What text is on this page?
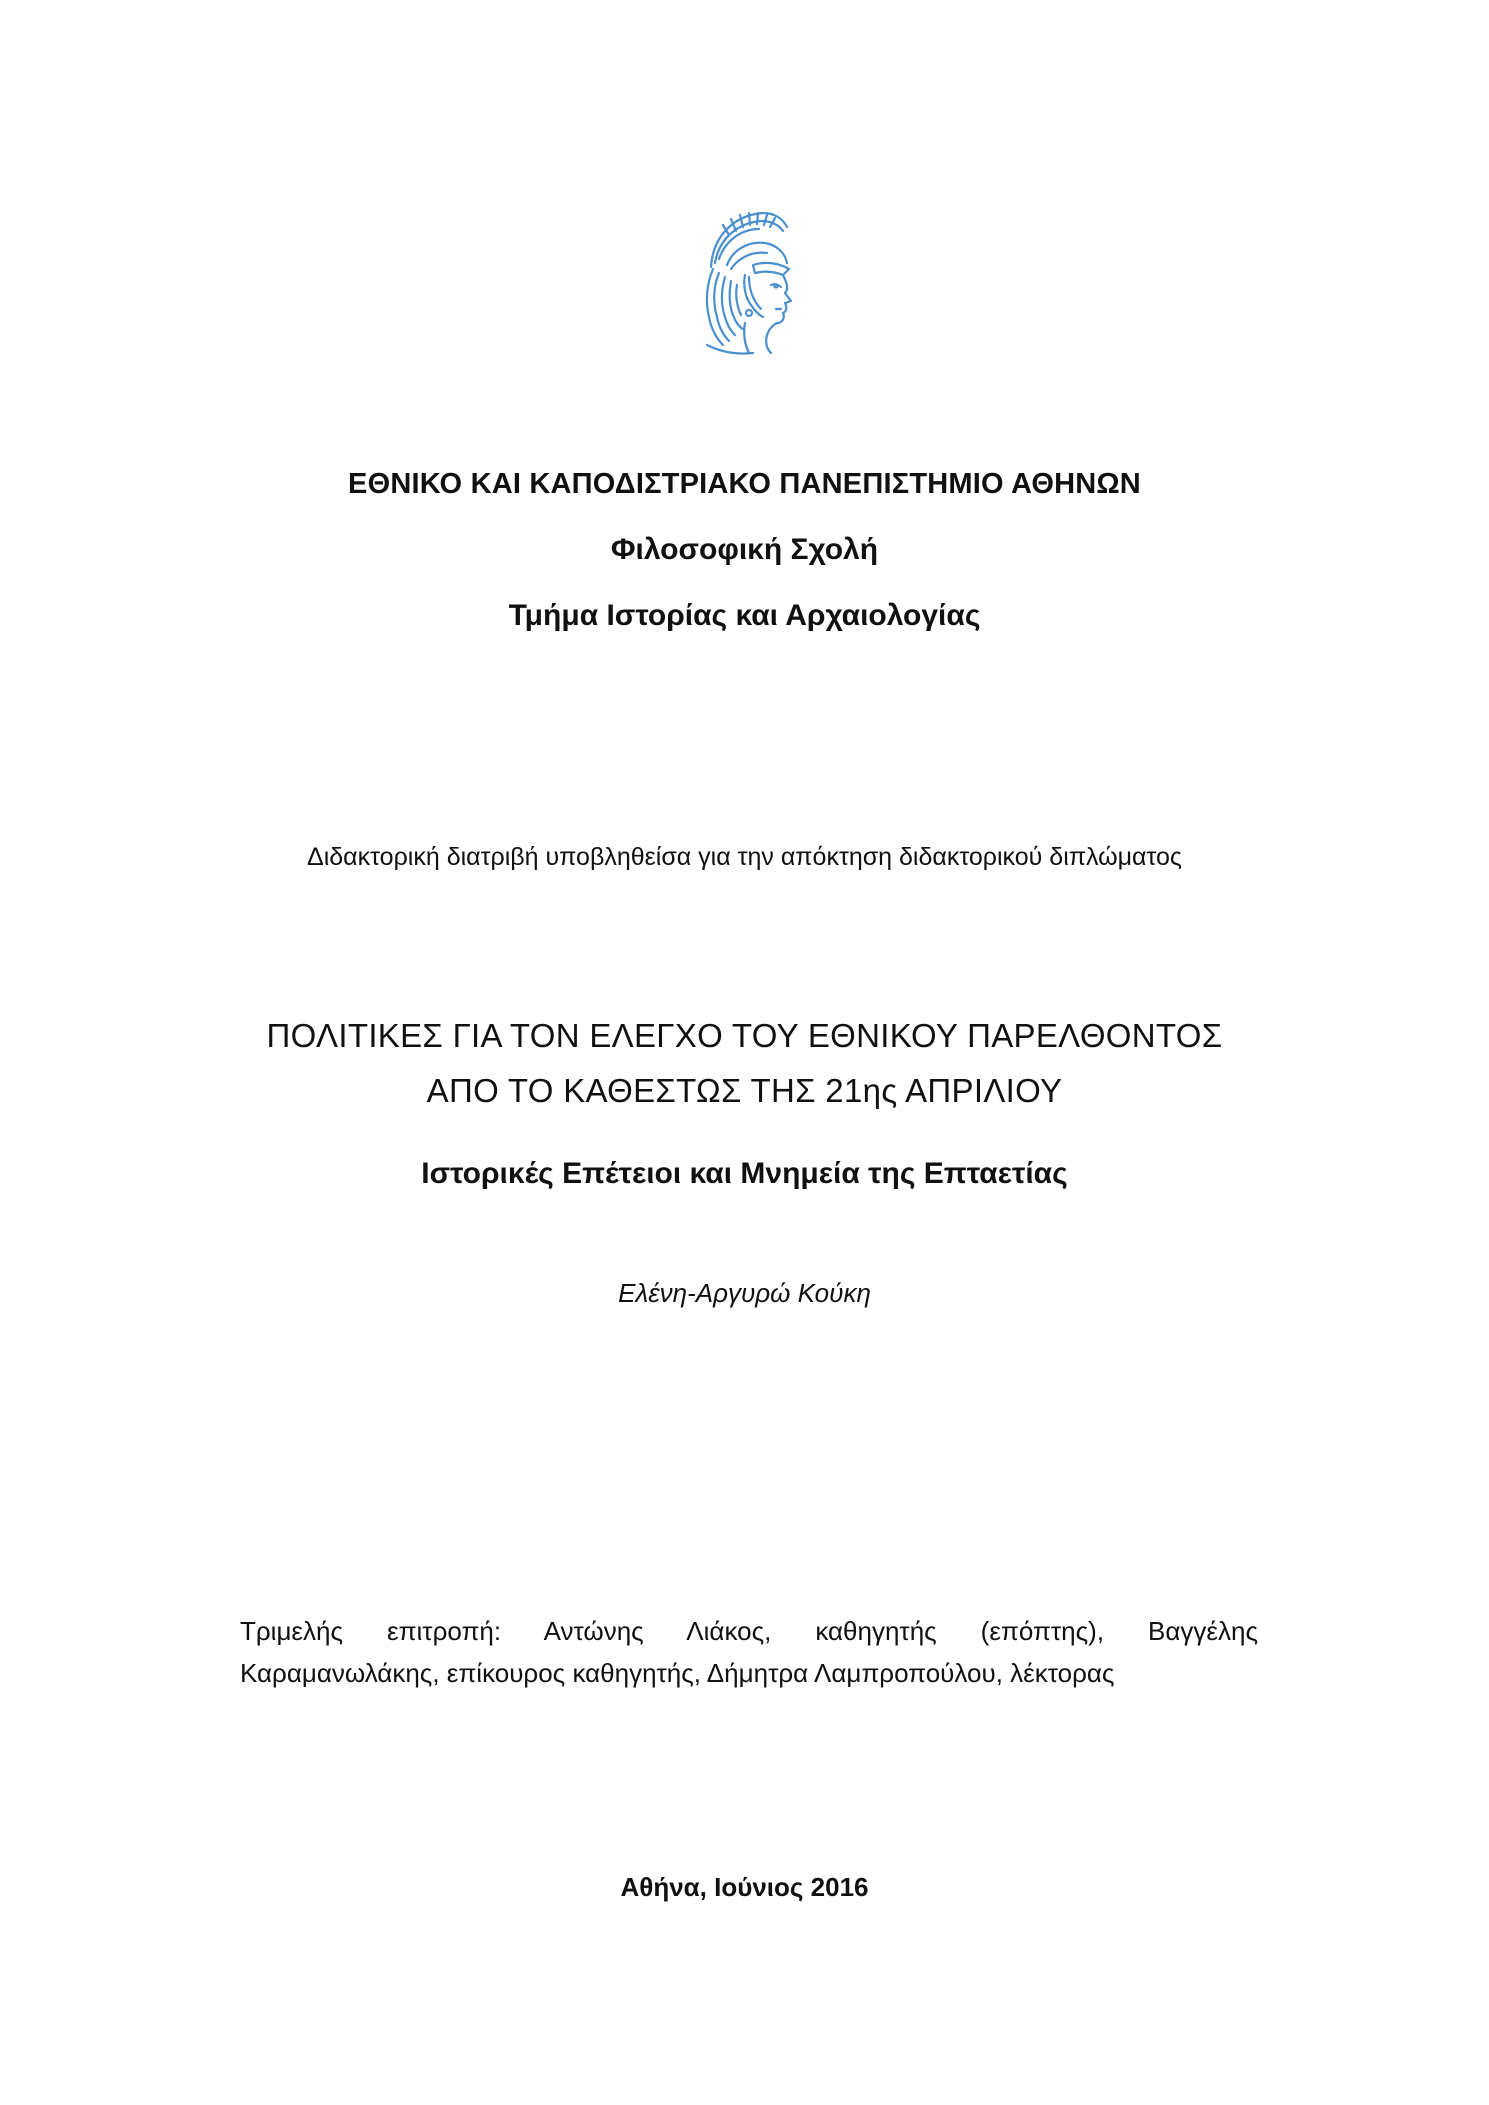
ΕΘΝΙΚΟ ΚΑΙ ΚΑΠΟΔΙΣΤΡΙΑΚΟ ΠΑΝΕΠΙΣΤΗΜΙΟ ΑΘΗΝΩΝ
Φιλοσοφική Σχολή
Τμήμα Ιστορίας και Αρχαιολογίας
Διδακτορική διατριβή υποβληθείσα για την απόκτηση διδακτορικού διπλώματος
ΠΟΛΙΤΙΚΕΣ ΓΙΑ ΤΟΝ ΕΛΕΓΧΟ ΤΟΥ ΕΘΝΙΚΟΥ ΠΑΡΕΛΘΟΝΤΟΣ
ΑΠΟ ΤΟ ΚΑΘΕΣΤΩΣ ΤΗΣ 21ης ΑΠΡΙΛΙΟΥ
Ιστορικές Επέτειοι και Μνημεία της Επταετίας
Ελένη-Αργυρώ Κούκη
Τριμελής επιτροπή: Αντώνης Λιάκος, καθηγητής (επόπτης), Βαγγέλης
Καραμανωλάκης, επίκουρος καθηγητής, Δήμητρα Λαμπροπούλου, λέκτορας
Αθήνα, Ιούνιος 2016
